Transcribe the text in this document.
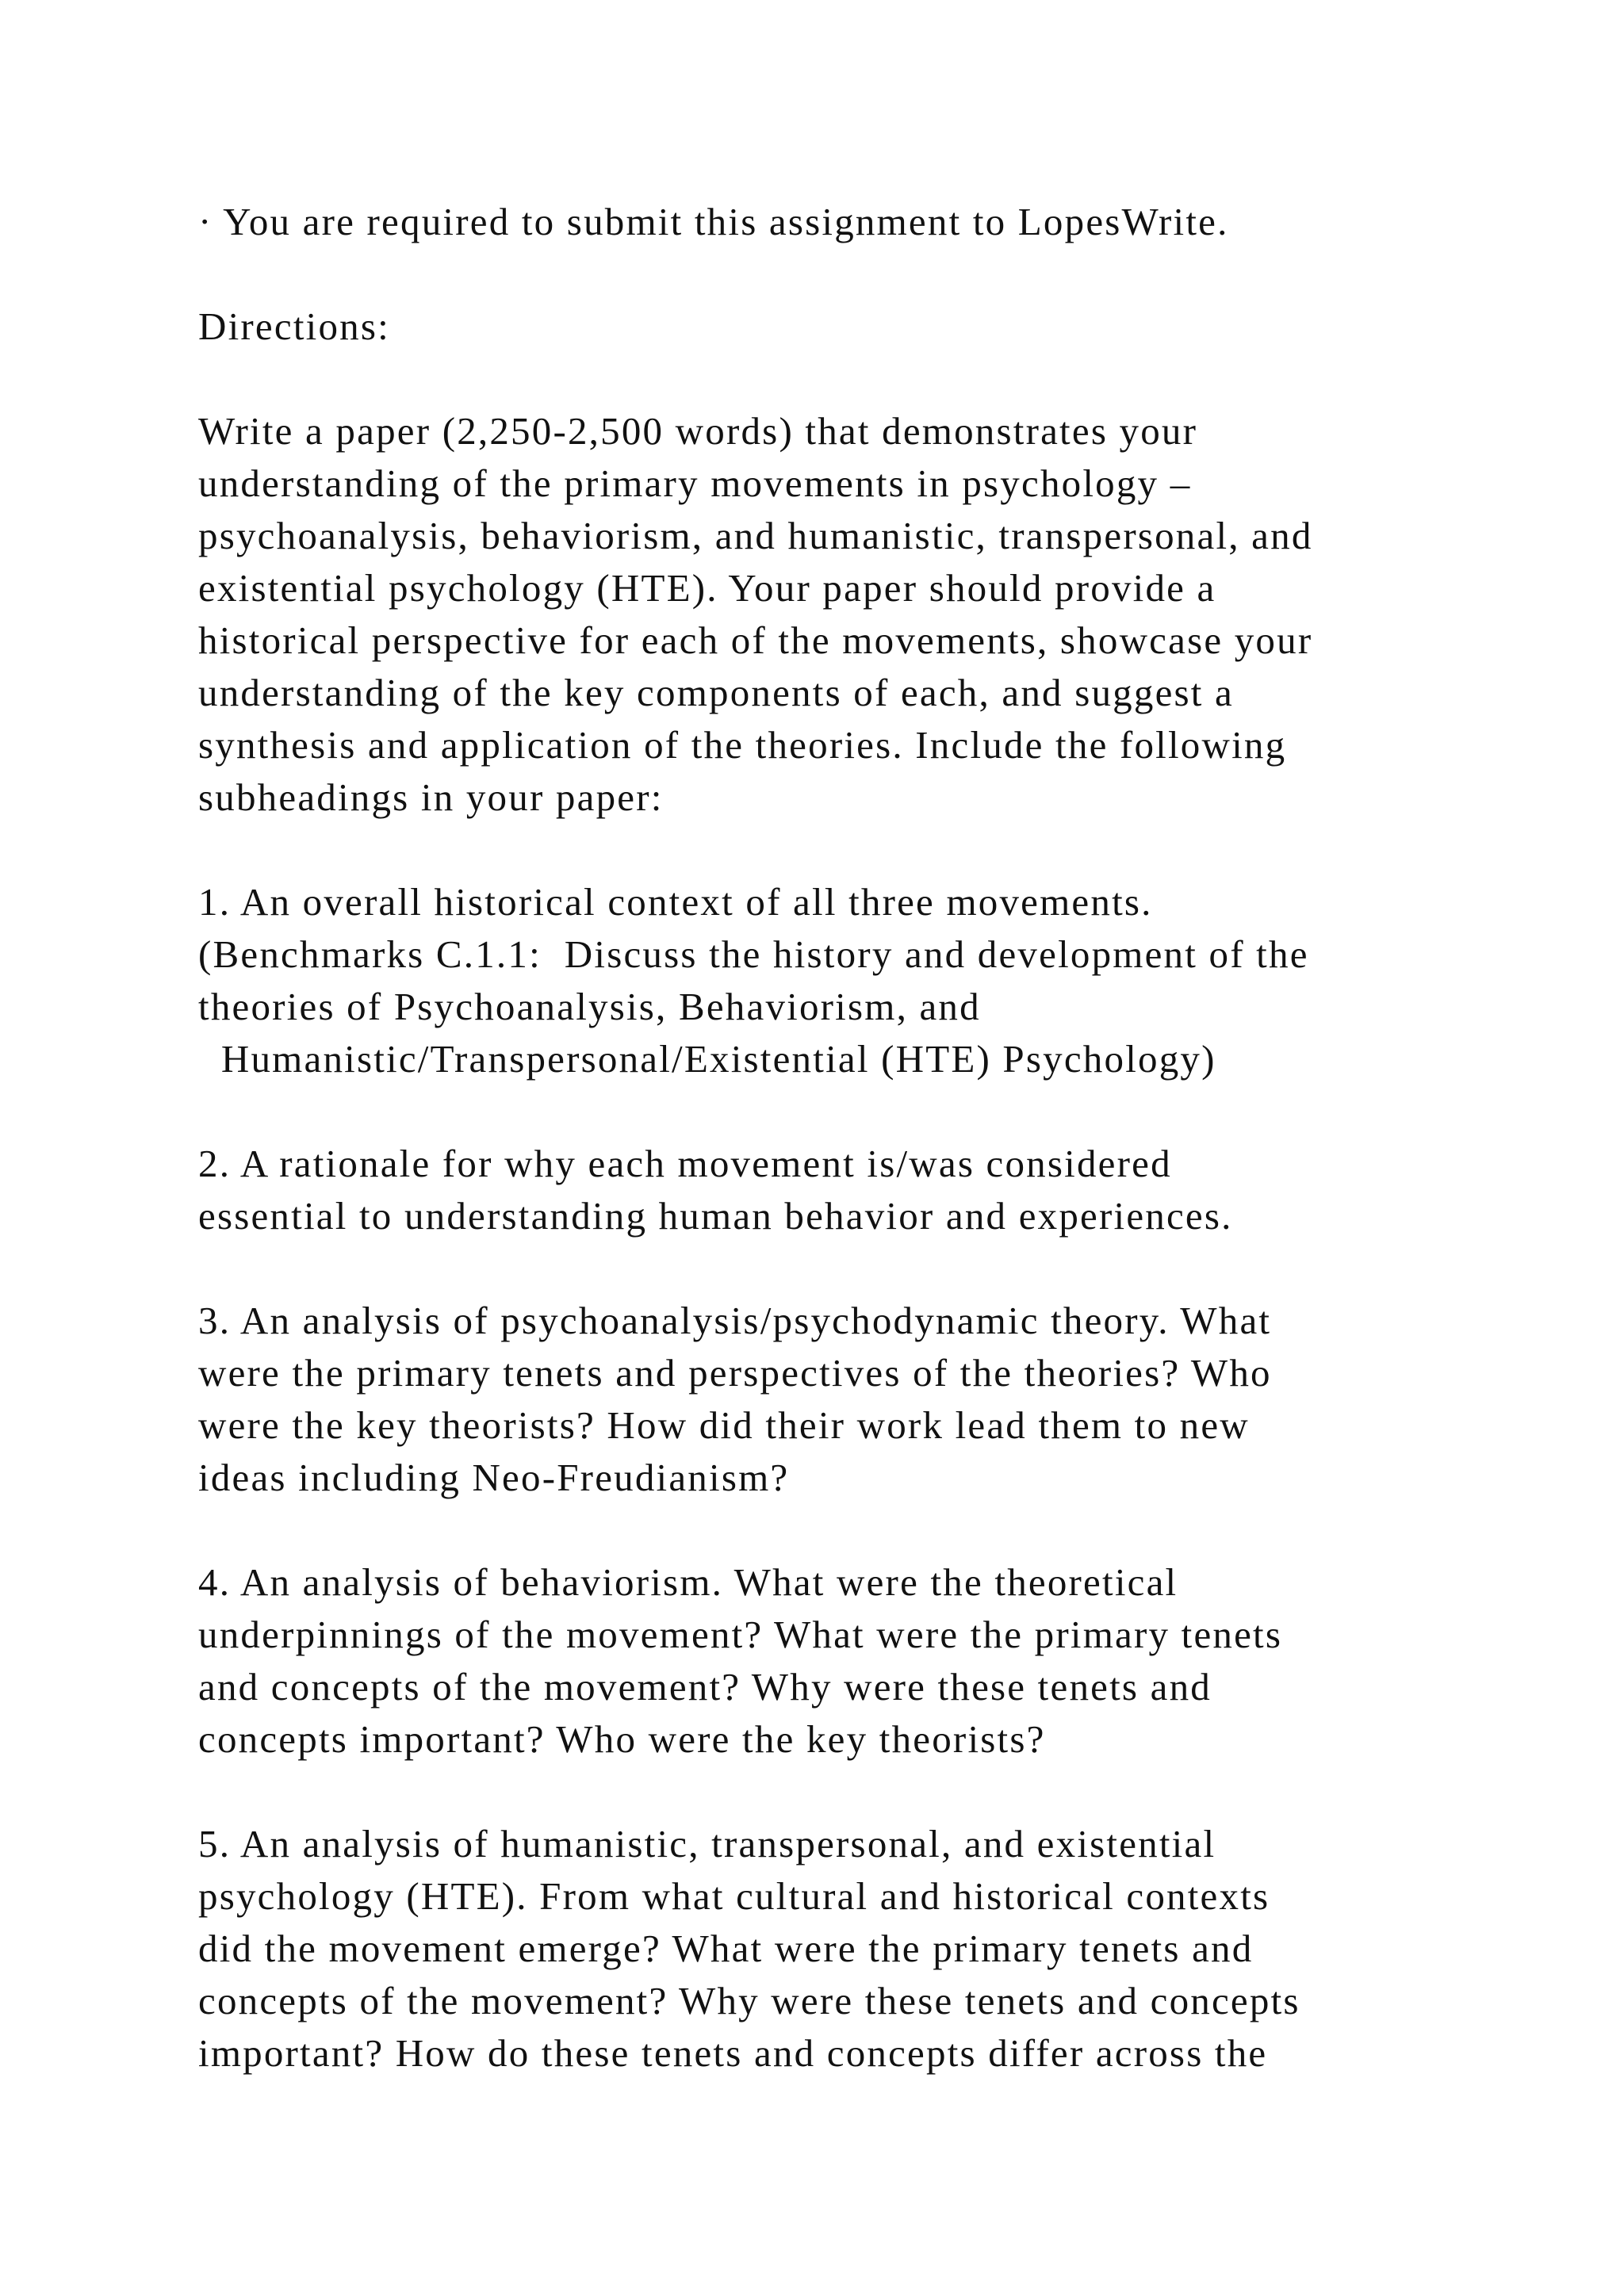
· You are required to submit this assignment to LopesWrite.
Directions:
Write a paper (2,250-2,500 words) that demonstrates your
understanding of the primary movements in psychology –
psychoanalysis, behaviorism, and humanistic, transpersonal, and
existential psychology (HTE). Your paper should provide a
historical perspective for each of the movements, showcase your
understanding of the key components of each, and suggest a
synthesis and application of the theories. Include the following
subheadings in your paper:
1. An overall historical context of all three movements.
(Benchmarks C.1.1:  Discuss the history and development of the
theories of Psychoanalysis, Behaviorism, and
Humanistic/Transpersonal/Existential (HTE) Psychology)
2. A rationale for why each movement is/was considered
essential to understanding human behavior and experiences.
3. An analysis of psychoanalysis/psychodynamic theory. What
were the primary tenets and perspectives of the theories? Who
were the key theorists? How did their work lead them to new
ideas including Neo-Freudianism?
4. An analysis of behaviorism. What were the theoretical
underpinnings of the movement? What were the primary tenets
and concepts of the movement? Why were these tenets and
concepts important? Who were the key theorists?
5. An analysis of humanistic, transpersonal, and existential
psychology (HTE). From what cultural and historical contexts
did the movement emerge? What were the primary tenets and
concepts of the movement? Why were these tenets and concepts
important? How do these tenets and concepts differ across the
